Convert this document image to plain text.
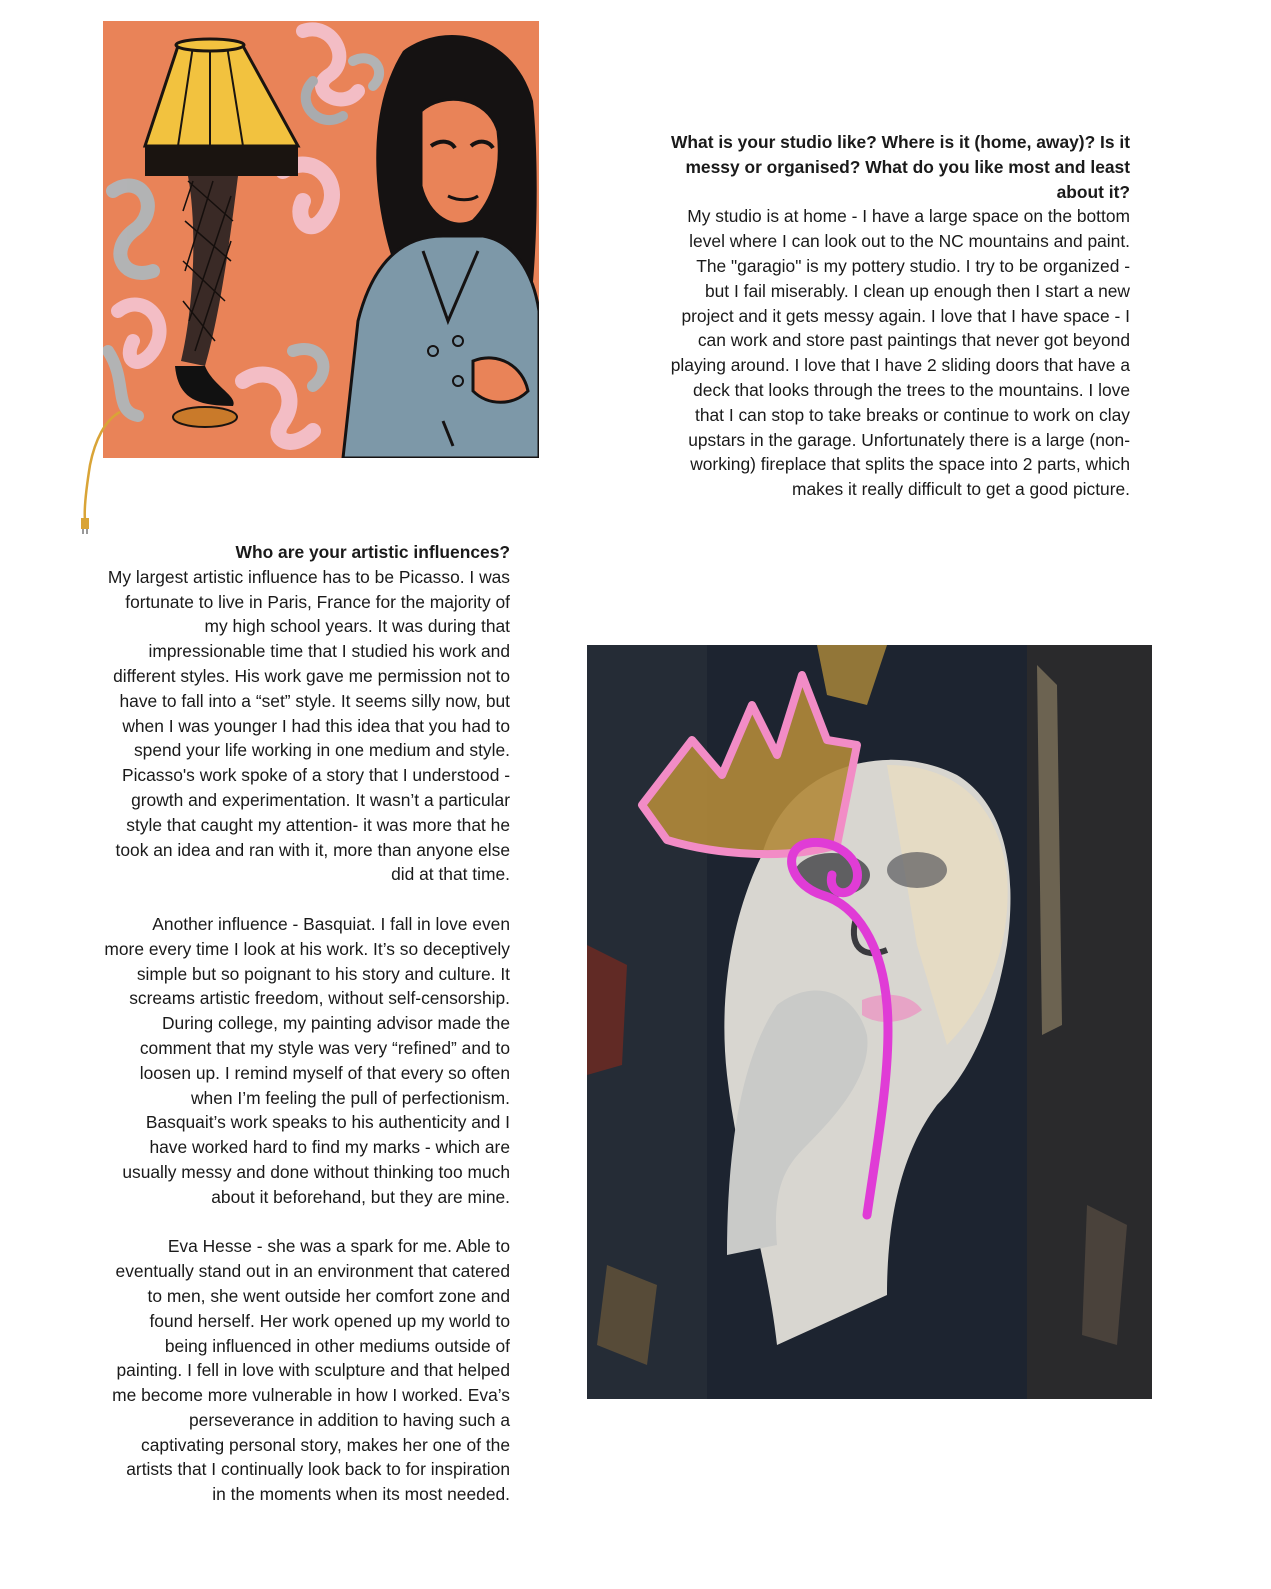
What is your studio like? Where is it (home, away)? Is it
messy or organised? What do you like most and least
about it?

My studio is at home - I have a large space on the bottom
level where I can look out to the NC mountains and paint.
The "garagio" is my pottery studio. I try to be organized -
but I fail miserably. I clean up enough then I start a new
project and it gets messy again. I love that I have space - I
can work and store past paintings that never got beyond
playing around. I love that I have 2 sliding doors that have a
deck that looks through the trees to the mountains. I love
that I can stop to take breaks or continue to work on clay
upstars in the garage. Unfortunately there is a large (non-
working) fireplace that splits the space into 2 parts, which
makes it really difficult to get a good picture.

Who are your artistic influences?

My largest artistic influence has to be Picasso. I was
fortunate to live in Paris, France for the majority of
my high school years. It was during that
impressionable time that I studied his work and
different styles. His work gave me permission not to
have to fall into a “set” style. It seems silly now, but
when I was younger I had this idea that you had to
spend your life working in one medium and style.
Picasso's work spoke of a story that I understood -
growth and experimentation. It wasn’t a particular
style that caught my attention- it was more that he
took an idea and ran with it, more than anyone else
did at that time.

Another influence - Basquiat. I fall in love even
more every time I look at his work. It’s so deceptively
simple but so poignant to his story and culture. It
screams artistic freedom, without self-censorship.
During college, my painting advisor made the
comment that my style was very “refined” and to
loosen up. I remind myself of that every so often
when I’m feeling the pull of perfectionism.
Basquait’s work speaks to his authenticity and I
have worked hard to find my marks - which are
usually messy and done without thinking too much
about it beforehand, but they are mine.

Eva Hesse - she was a spark for me. Able to
eventually stand out in an environment that catered
to men, she went outside her comfort zone and
found herself. Her work opened up my world to
being influenced in other mediums outside of
painting. I fell in love with sculpture and that helped
me become more vulnerable in how I worked. Eva’s
perseverance in addition to having such a
captivating personal story, makes her one of the
artists that I continually look back to for inspiration
in the moments when its most needed.
